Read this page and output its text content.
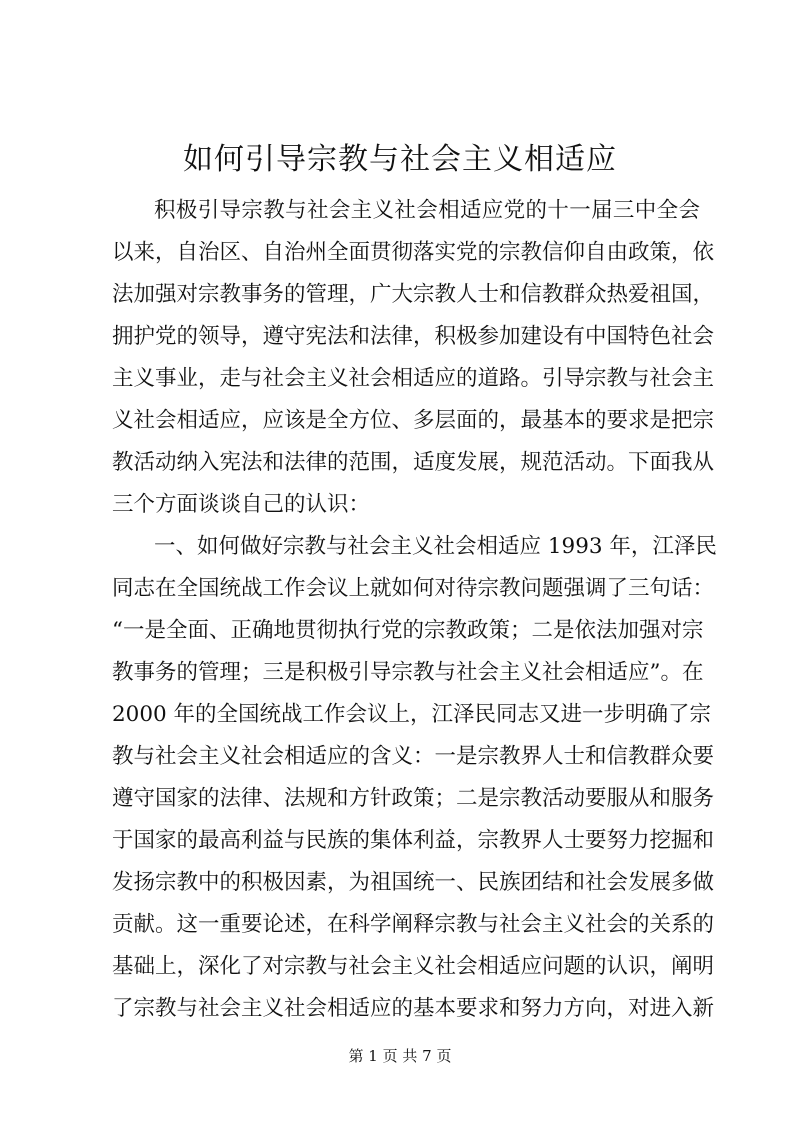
如何引导宗教与社会主义相适应
积极引导宗教与社会主义社会相适应党的十一届三中全会
以来，自治区、自治州全面贯彻落实党的宗教信仰自由政策，依
法加强对宗教事务的管理，广大宗教人士和信教群众热爱祖国，
拥护党的领导，遵守宪法和法律，积极参加建设有中国特色社会
主义事业，走与社会主义社会相适应的道路。引导宗教与社会主
义社会相适应，应该是全方位、多层面的，最基本的要求是把宗
教活动纳入宪法和法律的范围，适度发展，规范活动。下面我从
三个方面谈谈自己的认识：
一、如何做好宗教与社会主义社会相适应 1993 年，江泽民
同志在全国统战工作会议上就如何对待宗教问题强调了三句话：
“一是全面、正确地贯彻执行党的宗教政策；二是依法加强对宗
教事务的管理；三是积极引导宗教与社会主义社会相适应”。在
2000 年的全国统战工作会议上，江泽民同志又进一步明确了宗
教与社会主义社会相适应的含义：一是宗教界人士和信教群众要
遵守国家的法律、法规和方针政策；二是宗教活动要服从和服务
于国家的最高利益与民族的集体利益，宗教界人士要努力挖掘和
发扬宗教中的积极因素，为祖国统一、民族团结和社会发展多做
贡献。这一重要论述，在科学阐释宗教与社会主义社会的关系的
基础上，深化了对宗教与社会主义社会相适应问题的认识，阐明
了宗教与社会主义社会相适应的基本要求和努力方向，对进入新
第 1 页 共 7 页
